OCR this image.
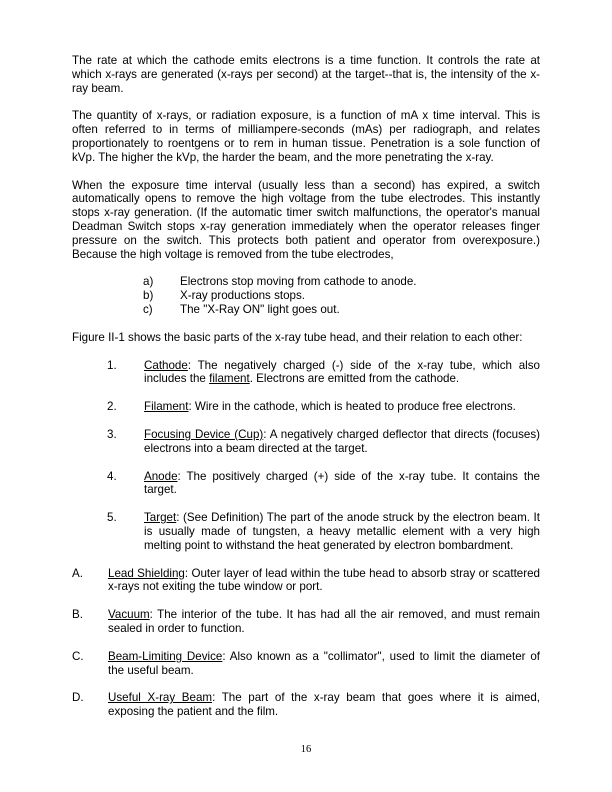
The rate at which the cathode emits electrons is a time function. It controls the rate at which x-rays are generated (x-rays per second) at the target--that is, the intensity of the x-ray beam.

The quantity of x-rays, or radiation exposure, is a function of mA x time interval. This is often referred to in terms of milliampere-seconds (mAs) per radiograph, and relates proportionately to roentgens or to rem in human tissue. Penetration is a sole function of kVp. The higher the kVp, the harder the beam, and the more penetrating the x-ray.

When the exposure time interval (usually less than a second) has expired, a switch automatically opens to remove the high voltage from the tube electrodes. This instantly stops x-ray generation. (If the automatic timer switch malfunctions, the operator's manual Deadman Switch stops x-ray generation immediately when the operator releases finger pressure on the switch. This protects both patient and operator from overexposure.) Because the high voltage is removed from the tube electrodes,

a)	Electrons stop moving from cathode to anode.
b)	X-ray productions stops.
c)	The "X-Ray ON" light goes out.

Figure II-1 shows the basic parts of the x-ray tube head, and their relation to each other:

1.	Cathode: The negatively charged (-) side of the x-ray tube, which also includes the filament. Electrons are emitted from the cathode.
2.	Filament: Wire in the cathode, which is heated to produce free electrons.
3.	Focusing Device (Cup): A negatively charged deflector that directs (focuses) electrons into a beam directed at the target.
4.	Anode: The positively charged (+) side of the x-ray tube. It contains the target.
5.	Target: (See Definition) The part of the anode struck by the electron beam. It is usually made of tungsten, a heavy metallic element with a very high melting point to withstand the heat generated by electron bombardment.
A.	Lead Shielding: Outer layer of lead within the tube head to absorb stray or scattered x-rays not exiting the tube window or port.
B.	Vacuum: The interior of the tube. It has had all the air removed, and must remain sealed in order to function.
C.	Beam-Limiting Device: Also known as a "collimator", used to limit the diameter of the useful beam.
D.	Useful X-ray Beam: The part of the x-ray beam that goes where it is aimed, exposing the patient and the film.
16
